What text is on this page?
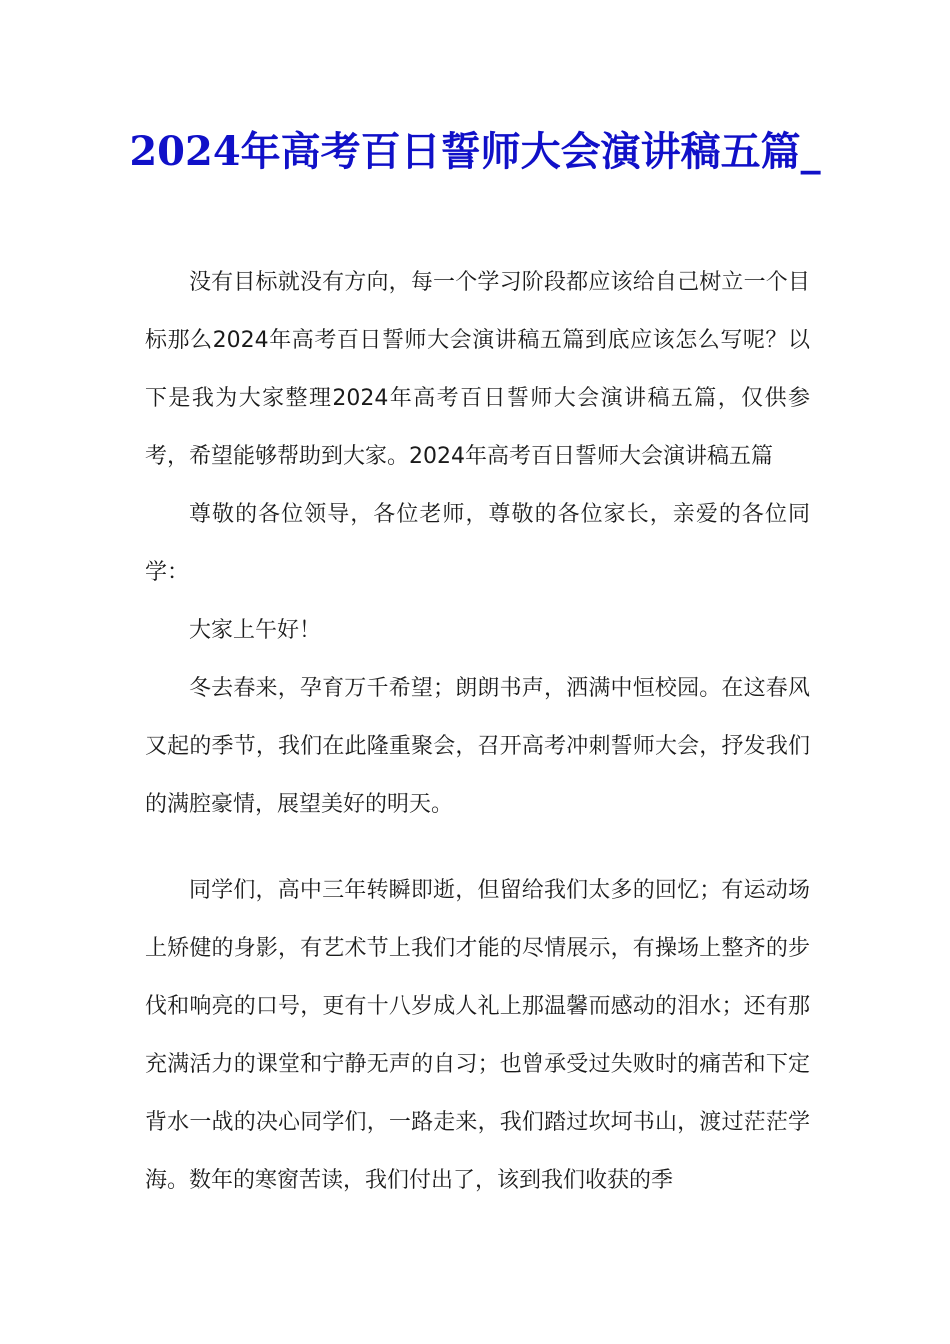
2024年高考百日誓师大会演讲稿五篇_

没有目标就没有方向，每一个学习阶段都应该给自己树立一个目标那么2024年高考百日誓师大会演讲稿五篇到底应该怎么写呢？以下是我为大家整理2024年高考百日誓师大会演讲稿五篇，仅供参考，希望能够帮助到大家。2024年高考百日誓师大会演讲稿五篇

尊敬的各位领导，各位老师，尊敬的各位家长，亲爱的各位同学：

大家上午好！

冬去春来，孕育万千希望；朗朗书声，洒满中恒校园。在这春风又起的季节，我们在此隆重聚会，召开高考冲刺誓师大会，抒发我们的满腔豪情，展望美好的明天。

同学们，高中三年转瞬即逝，但留给我们太多的回忆；有运动场上矫健的身影，有艺术节上我们才能的尽情展示，有操场上整齐的步伐和响亮的口号，更有十八岁成人礼上那温馨而感动的泪水；还有那充满活力的课堂和宁静无声的自习；也曾承受过失败时的痛苦和下定背水一战的决心同学们，一路走来，我们踏过坎坷书山，渡过茫茫学海。数年的寒窗苦读，我们付出了，该到我们收获的季
